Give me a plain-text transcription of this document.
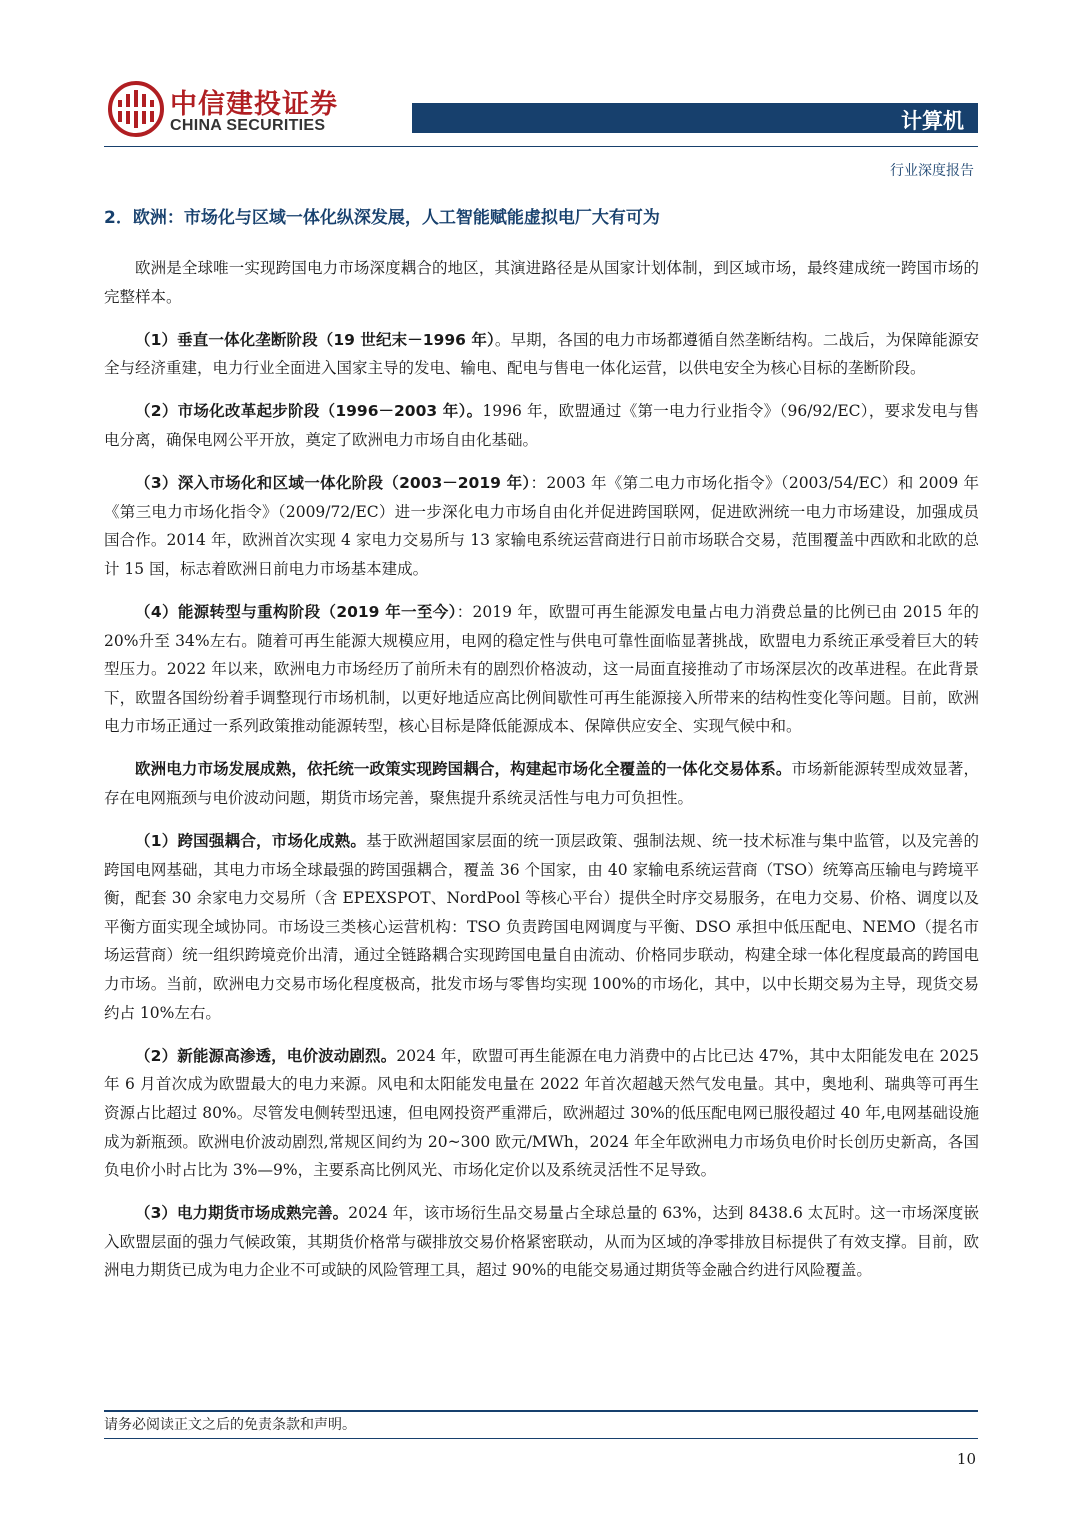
中信建投证券
CHINA SECURITIES	计算机
行业深度报告
2．欧洲：市场化与区域一体化纵深发展，人工智能赋能虚拟电厂大有可为

欧洲是全球唯一实现跨国电力市场深度耦合的地区，其演进路径是从国家计划体制，到区域市场，最终建成统一跨国市场的完整样本。

（1）垂直一体化垄断阶段（19 世纪末－1996 年）。早期，各国的电力市场都遵循自然垄断结构。二战后，为保障能源安全与经济重建，电力行业全面进入国家主导的发电、输电、配电与售电一体化运营，以供电安全为核心目标的垄断阶段。

（2）市场化改革起步阶段（1996－2003 年）。1996 年，欧盟通过《第一电力行业指令》（96/92/EC），要求发电与售电分离，确保电网公平开放，奠定了欧洲电力市场自由化基础。

（3）深入市场化和区域一体化阶段（2003－2019 年）：2003 年《第二电力市场化指令》（2003/54/EC）和 2009 年《第三电力市场化指令》（2009/72/EC）进一步深化电力市场自由化并促进跨国联网，促进欧洲统一电力市场建设，加强成员国合作。2014 年，欧洲首次实现 4 家电力交易所与 13 家输电系统运营商进行日前市场联合交易，范围覆盖中西欧和北欧的总计 15 国，标志着欧洲日前电力市场基本建成。

（4）能源转型与重构阶段（2019 年一至今）：2019 年，欧盟可再生能源发电量占电力消费总量的比例已由 2015 年的 20%升至 34%左右。随着可再生能源大规模应用，电网的稳定性与供电可靠性面临显著挑战，欧盟电力系统正承受着巨大的转型压力。2022 年以来，欧洲电力市场经历了前所未有的剧烈价格波动，这一局面直接推动了市场深层次的改革进程。在此背景下，欧盟各国纷纷着手调整现行市场机制，以更好地适应高比例间歇性可再生能源接入所带来的结构性变化等问题。目前，欧洲电力市场正通过一系列政策推动能源转型，核心目标是降低能源成本、保障供应安全、实现气候中和。

欧洲电力市场发展成熟，依托统一政策实现跨国耦合，构建起市场化全覆盖的一体化交易体系。市场新能源转型成效显著，存在电网瓶颈与电价波动问题，期货市场完善，聚焦提升系统灵活性与电力可负担性。

（1）跨国强耦合，市场化成熟。基于欧洲超国家层面的统一顶层政策、强制法规、统一技术标准与集中监管，以及完善的跨国电网基础，其电力市场全球最强的跨国强耦合，覆盖 36 个国家，由 40 家输电系统运营商（TSO）统筹高压输电与跨境平衡，配套 30 余家电力交易所（含 EPEXSPOT、NordPool 等核心平台）提供全时序交易服务，在电力交易、价格、调度以及平衡方面实现全域协同。市场设三类核心运营机构：TSO 负责跨国电网调度与平衡、DSO 承担中低压配电、NEMO（提名市场运营商）统一组织跨境竞价出清，通过全链路耦合实现跨国电量自由流动、价格同步联动，构建全球一体化程度最高的跨国电力市场。当前，欧洲电力交易市场化程度极高，批发市场与零售均实现 100%的市场化，其中，以中长期交易为主导，现货交易约占 10%左右。

（2）新能源高渗透，电价波动剧烈。2024 年，欧盟可再生能源在电力消费中的占比已达 47%，其中太阳能发电在 2025 年 6 月首次成为欧盟最大的电力来源。风电和太阳能发电量在 2022 年首次超越天然气发电量。其中，奥地利、瑞典等可再生资源占比超过 80%。尽管发电侧转型迅速，但电网投资严重滞后，欧洲超过 30%的低压配电网已服役超过 40 年,电网基础设施成为新瓶颈。欧洲电价波动剧烈,常规区间约为 20~300 欧元/MWh，2024 年全年欧洲电力市场负电价时长创历史新高，各国负电价小时占比为 3%—9%，主要系高比例风光、市场化定价以及系统灵活性不足导致。

（3）电力期货市场成熟完善。2024 年，该市场衍生品交易量占全球总量的 63%，达到 8438.6 太瓦时。这一市场深度嵌入欧盟层面的强力气候政策，其期货价格常与碳排放交易价格紧密联动，从而为区域的净零排放目标提供了有效支撑。目前，欧洲电力期货已成为电力企业不可或缺的风险管理工具，超过 90%的电能交易通过期货等金融合约进行风险覆盖。

请务必阅读正文之后的免责条款和声明。
10
